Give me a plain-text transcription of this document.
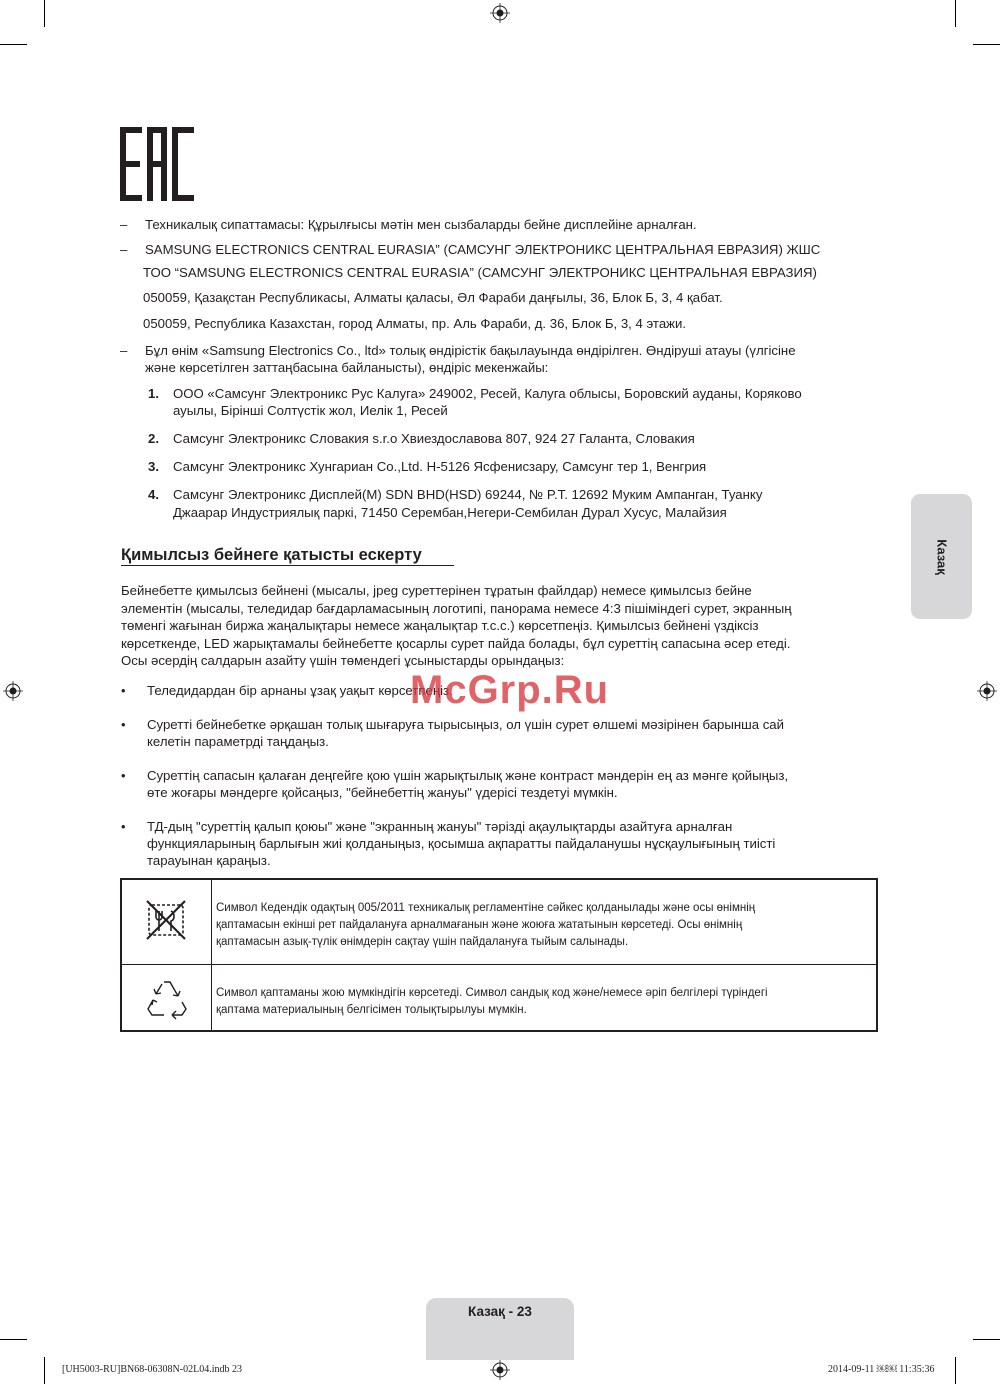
– Техникалық сипаттамасы: Құрылғысы мәтін мен сызбаларды бейне дисплейіне арналған.

– SAMSUNG ELECTRONICS CENTRAL EURASIA” (САМСУНГ ЭЛЕКТРОНИКС ЦЕНТРАЛЬНАЯ ЕВРАЗИЯ) ЖШС

ТОО “SAMSUNG ELECTRONICS CENTRAL EURASIA” (САМСУНГ ЭЛЕКТРОНИКС ЦЕНТРАЛЬНАЯ ЕВРАЗИЯ)

050059, Қазақстан Республикасы, Алматы қаласы, Әл Фараби даңғылы, 36, Блок Б, 3, 4 қабат.

050059, Республика Казахстан, город Алматы, пр. Аль Фараби, д. 36, Блок Б, 3, 4 этажи.

– Бұл өнім «Samsung Electronics Co., ltd» толық өндірістік бақылауында өндірілген. Өндіруші атауы (үлгісіне

және көрсетілген заттаңбасына байланысты), өндіріс мекенжайы:

1. ООО «Самсунг Электроникс Рус Калуга» 249002, Ресей, Калуга облысы, Боровский ауданы, Коряково

ауылы, Бірінші Солтүстік жол, Иелік 1, Ресей

2. Самсунг Электроникс Словакия s.r.o Хвиездославова 807, 924 27 Галанта, Словакия

3. Самсунг Электроникс Хунгариан Co.,Ltd. H-5126 Ясфенисзару, Самсунг тер 1, Венгрия

4. Самсунг Электроникс Дисплей(M) SDN BHD(HSD) 69244, № P.T. 12692 Муким Ампанган, Туанку

Джаарар Индустриялық паркі, 71450 Серембан,Негери-Сембилан Дурал Хусус, Малайзия

Қимылсыз бейнеге қатысты ескерту

Бейнебетте қимылсыз бейнені (мысалы, jpeg суреттерінен тұратын файлдар) немесе қимылсыз бейне

элементін (мысалы, теледидар бағдарламасының логотипі, панорама немесе 4:3 пішіміндегі сурет, экранның

төменгі жағынан биржа жаңалықтары немесе жаңалықтар т.с.с.) көрсетпеңіз. Қимылсыз бейнені үздіксіз

көрсеткенде, LED жарықтамалы бейнебетте қосарлы сурет пайда болады, бұл суреттің сапасына әсер етеді.

Осы әсердің салдарын азайту үшін төмендегі ұсыныстарды орындаңыз:

• Теледидардан бір арнаны ұзақ уақыт көрсетпеңіз.

• Суретті бейнебетке әрқашан толық шығаруға тырысыңыз, ол үшін сурет өлшемі мәзірінен барынша сай

келетін параметрді таңдаңыз.

• Суреттің сапасын қалаған деңгейге қою үшін жарықтылық және контраст мәндерін ең аз мәнге қойыңыз,

өте жоғары мәндерге қойсаңыз, "бейнебеттің жануы" үдерісі тездетуі мүмкін.

• ТД-дың "суреттің қалып қоюы" және "экранның жануы" тәрізді ақаулықтарды азайтуға арналған

функцияларының барлығын жиі қолданыңыз, қосымша ақпаратты пайдаланушы нұсқаулығының тиісті

тарауынан қараңыз.

McGrp.Ru
Казақ

Символ Кедендік одақтың 005/2011 техникалық регламентіне сәйкес қолданылады және осы өнімнің

қаптамасын екінші рет пайдалануға арналмағанын және жоюға жататынын көрсетеді. Осы өнімнің

қаптамасын азық-түлік өнімдерін сақтау үшін пайдалануға тыйым салынады.

Символ қаптаманы жою мүмкіндігін көрсетеді. Символ сандық код және/немесе әріп белгілері түріндегі

қаптама материалының белгісімен толықтырылуы мүмкін.

Казақ - 23
[UH5003-RU]BN68-06308N-02L04.indb 23	2014-09-11 ￼￼ 11:35:36
